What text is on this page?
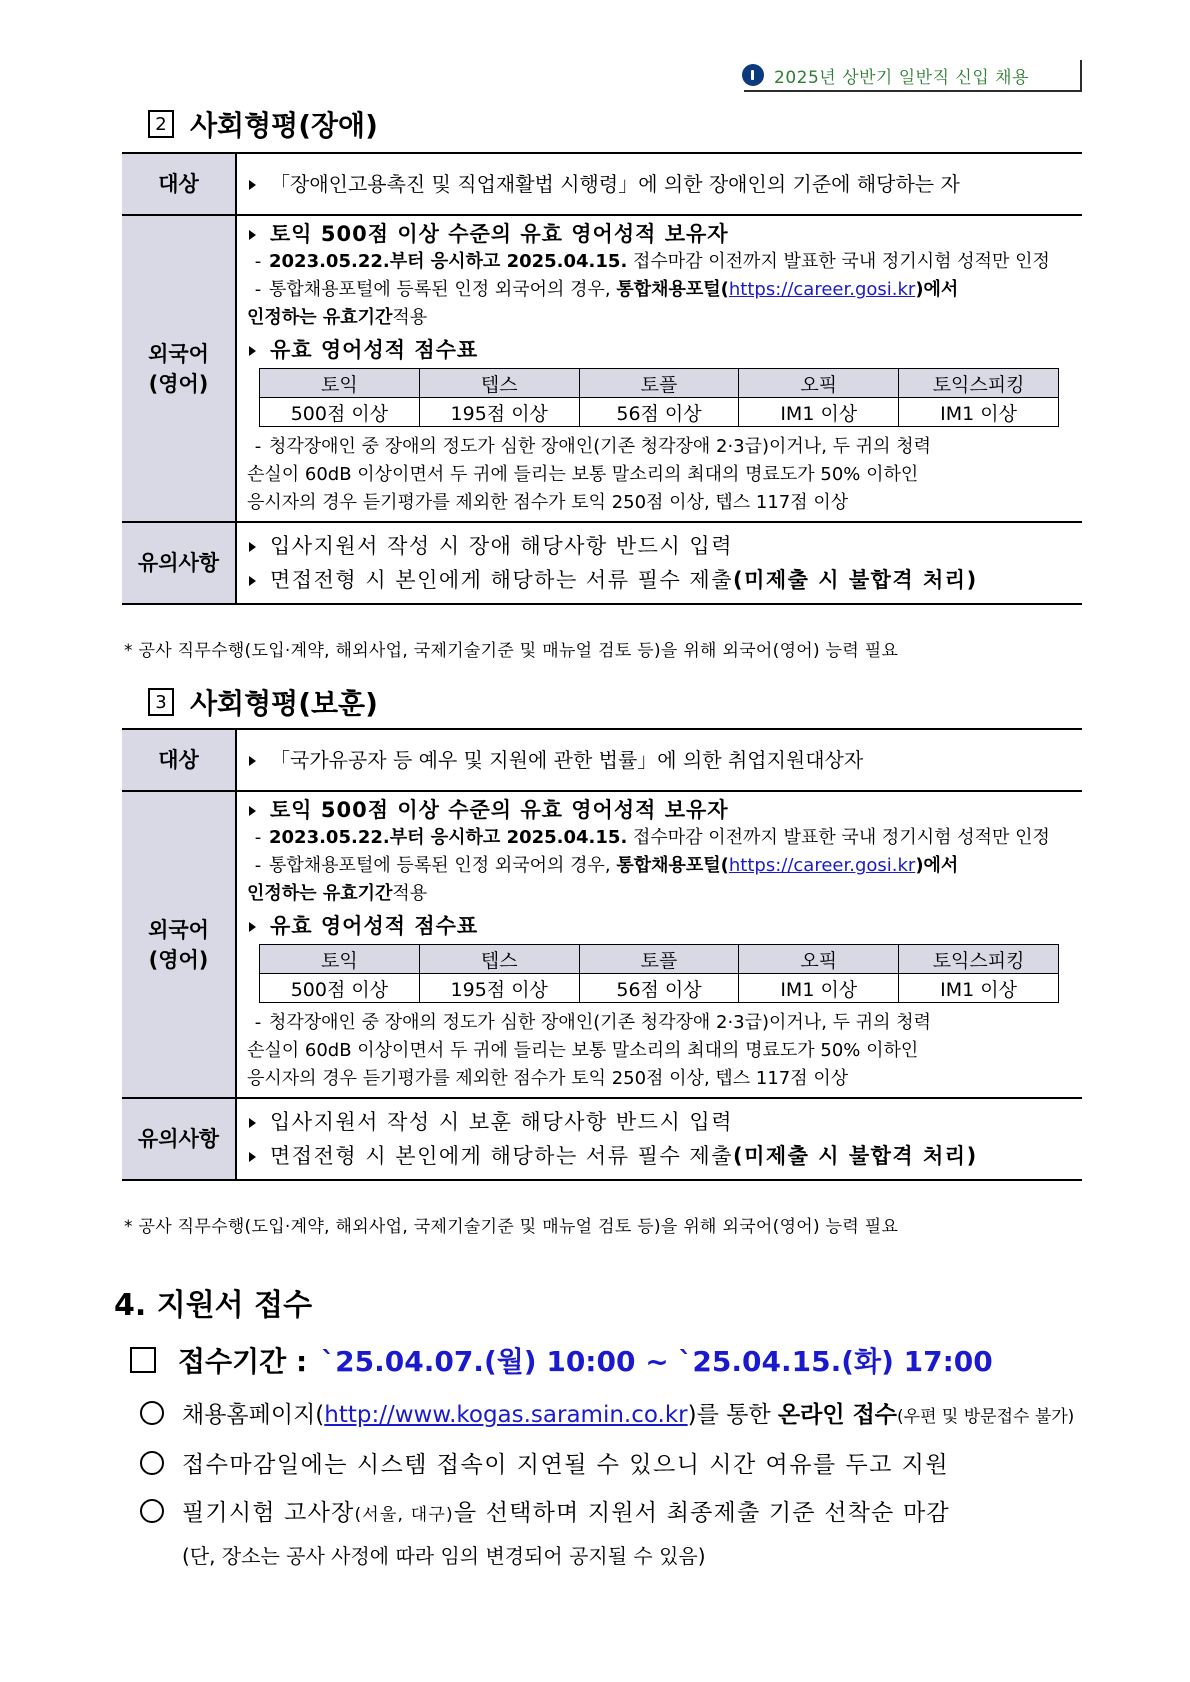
2025년 상반기 일반직 신입 채용
2 사회형평(장애)
대상	「장애인고용촉진 및 직업재활법 시행령」에 의한 장애인의 기준에 해당하는 자

외국어
(영어)

토익 500점 이상 수준의 유효 영어성적 보유자
- 2023.05.22.부터 응시하고 2025.04.15. 접수마감 이전까지 발표한 국내 정기시험 성적만 인정
- 통합채용포털에 등록된 인정 외국어의 경우, 통합채용포털(https://career.gosi.kr)에서
인정하는 유효기간 적용
유효 영어성적 점수표
토익	텝스	토플	오픽	토익스피킹
500점 이상	195점 이상	56점 이상	IM1 이상	IM1 이상
- 청각장애인 중 장애의 정도가 심한 장애인(기존 청각장애 2·3급)이거나, 두 귀의 청력
손실이 60dB 이상이면서 두 귀에 들리는 보통 말소리의 최대의 명료도가 50% 이하인
응시자의 경우 듣기평가를 제외한 점수가 토익 250점 이상, 텝스 117점 이상

유의사항	
입사지원서 작성 시 장애 해당사항 반드시 입력
면접전형 시 본인에게 해당하는 서류 필수 제출(미제출 시 불합격 처리)
* 공사 직무수행(도입·계약, 해외사업, 국제기술기준 및 매뉴얼 검토 등)을 위해 외국어(영어) 능력 필요
3 사회형평(보훈)
대상	「국가유공자 등 예우 및 지원에 관한 법률」에 의한 취업지원대상자

외국어
(영어)

토익 500점 이상 수준의 유효 영어성적 보유자
- 2023.05.22.부터 응시하고 2025.04.15. 접수마감 이전까지 발표한 국내 정기시험 성적만 인정
- 통합채용포털에 등록된 인정 외국어의 경우, 통합채용포털(https://career.gosi.kr)에서
인정하는 유효기간 적용
유효 영어성적 점수표
토익	텝스	토플	오픽	토익스피킹
500점 이상	195점 이상	56점 이상	IM1 이상	IM1 이상
- 청각장애인 중 장애의 정도가 심한 장애인(기존 청각장애 2·3급)이거나, 두 귀의 청력
손실이 60dB 이상이면서 두 귀에 들리는 보통 말소리의 최대의 명료도가 50% 이하인
응시자의 경우 듣기평가를 제외한 점수가 토익 250점 이상, 텝스 117점 이상

유의사항	
입사지원서 작성 시 보훈 해당사항 반드시 입력
면접전형 시 본인에게 해당하는 서류 필수 제출(미제출 시 불합격 처리)
* 공사 직무수행(도입·계약, 해외사업, 국제기술기준 및 매뉴얼 검토 등)을 위해 외국어(영어) 능력 필요
4. 지원서 접수
접수기간 : `25.04.07.(월) 10:00 ~ `25.04.15.(화) 17:00
채용홈페이지(http://www.kogas.saramin.co.kr)를 통한 온라인 접수(우편 및 방문접수 불가)
접수마감일에는 시스템 접속이 지연될 수 있으니 시간 여유를 두고 지원
필기시험 고사장(서울, 대구)을 선택하며 지원서 최종제출 기준 선착순 마감
(단, 장소는 공사 사정에 따라 임의 변경되어 공지될 수 있음)
